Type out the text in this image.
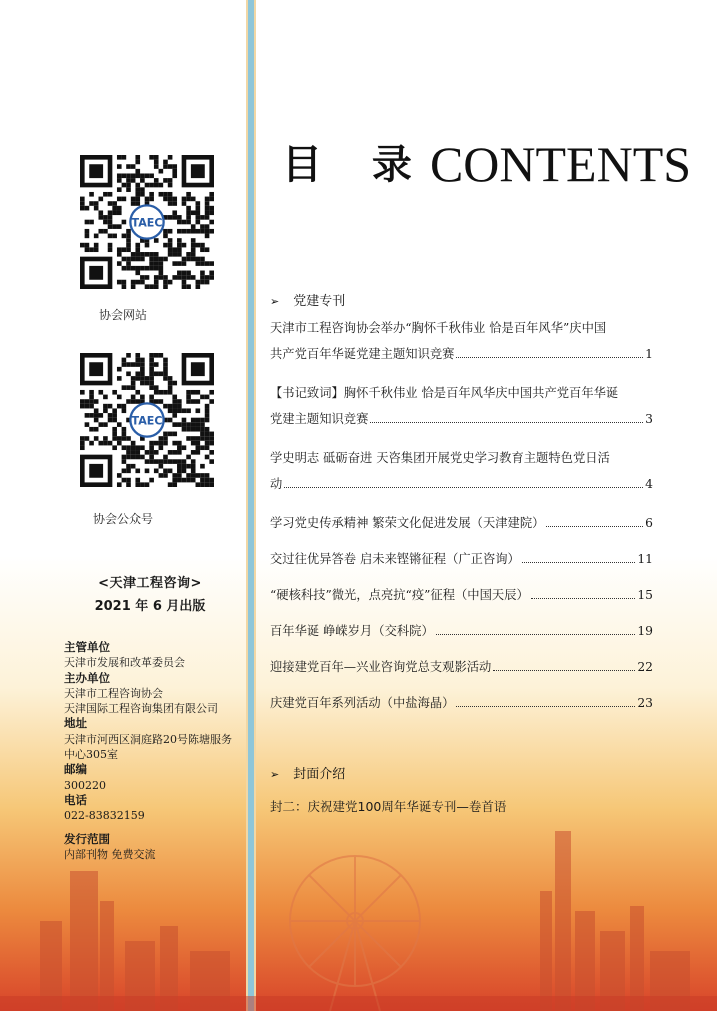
TAEC
协会网站
TAEC
协会公众号
<天津工程咨询>
2021 年 6 月出版
主管单位
天津市发展和改革委员会
主办单位
天津市工程咨询协会
天津国际工程咨询集团有限公司
地址
天津市河西区洞庭路20号陈塘服务中心305室
邮编
300220
电话
022-83832159
发行范围
内部刊物 免费交流
目 录CONTENTS
➢ 党建专刊
天津市工程咨询协会举办“胸怀千秋伟业 恰是百年风华”庆中国
共产党百年华诞党建主题知识竞赛	1
【书记致词】胸怀千秋伟业 恰是百年风华庆中国共产党百年华诞
党建主题知识竞赛	3
学史明志 砥砺奋进 天咨集团开展党史学习教育主题特色党日活
动	4
学习党史传承精神 繁荣文化促进发展（天津建院）	6
交过往优异答卷 启未来铿锵征程（广正咨询）	11
“硬核科技”微光，点亮抗“疫”征程（中国天辰）	15
百年华诞 峥嵘岁月（交科院）	19
迎接建党百年—兴业咨询党总支观影活动	22
庆建党百年系列活动（中盐海晶）	23
➢ 封面介绍
封二：庆祝建党100周年华诞专刊—卷首语
